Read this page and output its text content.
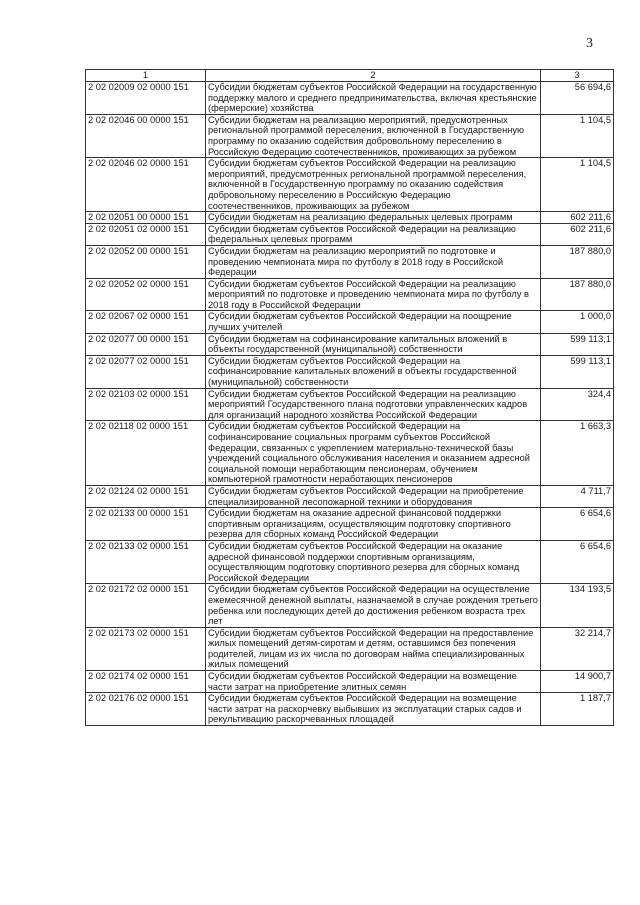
3
1	2	3
2 02 02009 02 0000 151	Субсидии бюджетам субъектов Российской Федерации на государственную поддержку малого и среднего предпринимательства, включая крестьянские (фермерские) хозяйства	56 694,6
2 02 02046 00 0000 151	Субсидии бюджетам на реализацию мероприятий, предусмотренных региональной программой переселения, включенной в Государственную программу по оказанию содействия добровольному переселению в Российскую Федерацию соотечественников, проживающих за рубежом	1 104,5
2 02 02046 02 0000 151	Субсидии бюджетам субъектов Российской Федерации на реализацию мероприятий, предусмотренных региональной программой переселения, включенной в Государственную программу по оказанию содействия добровольному переселению в Российскую Федерацию соотечественников, проживающих за рубежом	1 104,5
2 02 02051 00 0000 151	Субсидии бюджетам на реализацию федеральных целевых программ	602 211,6
2 02 02051 02 0000 151	Субсидии бюджетам субъектов Российской Федерации на реализацию федеральных целевых программ	602 211,6
2 02 02052 00 0000 151	Субсидии бюджетам на реализацию мероприятий по подготовке и проведению чемпионата мира по футболу в 2018 году в Российской Федерации	187 880,0
2 02 02052 02 0000 151	Субсидии бюджетам субъектов Российской Федерации на реализацию мероприятий по подготовке и проведению чемпионата мира по футболу в 2018 году в Российской Федерации	187 880,0
2 02 02067 02 0000 151	Субсидии бюджетам субъектов Российской Федерации на поощрение лучших учителей	1 000,0
2 02 02077 00 0000 151	Субсидии бюджетам на софинансирование капитальных вложений в объекты государственной (муниципальной) собственности	599 113,1
2 02 02077 02 0000 151	Субсидии бюджетам субъектов Российской Федерации на софинансирование капитальных вложений в объекты государственной (муниципальной) собственности	599 113,1
2 02 02103 02 0000 151	Субсидии бюджетам субъектов Российской Федерации на реализацию мероприятий Государственного плана подготовки управленческих кадров для организаций народного хозяйства Российской Федерации	324,4
2 02 02118 02 0000 151	Субсидии бюджетам субъектов Российской Федерации на софинансирование социальных программ субъектов Российской Федерации, связанных с укреплением материально-технической базы учреждений социального обслуживания населения и оказанием адресной социальной помощи неработающим пенсионерам, обучением компьютерной грамотности неработающих пенсионеров	1 663,3
2 02 02124 02 0000 151	Субсидии бюджетам субъектов Российской Федерации на приобретение специализированной лесопожарной техники и оборудования	4 711,7
2 02 02133 00 0000 151	Субсидии бюджетам на оказание адресной финансовой поддержки спортивным организациям, осуществляющим подготовку спортивного резерва для сборных команд Российской Федерации	6 654,6
2 02 02133 02 0000 151	Субсидии бюджетам субъектов Российской Федерации на оказание адресной финансовой поддержки спортивным организациям, осуществляющим подготовку спортивного резерва для сборных команд Российской Федерации	6 654,6
2 02 02172 02 0000 151	Субсидии бюджетам субъектов Российской Федерации на осуществление ежемесячной денежной выплаты, назначаемой в случае рождения третьего ребенка или последующих детей до достижения ребенком возраста трех лет	134 193,5
2 02 02173 02 0000 151	Субсидии бюджетам субъектов Российской Федерации на предоставление жилых помещений детям-сиротам и детям, оставшимся без попечения родителей, лицам из их числа по договорам найма специализированных жилых помещений	32 214,7
2 02 02174 02 0000 151	Субсидии бюджетам субъектов Российской Федерации на возмещение части затрат на приобретение элитных семян	14 900,7
2 02 02176 02 0000 151	Субсидии бюджетам субъектов Российской Федерации на возмещение части затрат на раскорчевку выбывших из эксплуатации старых садов и рекультивацию раскорчеванных площадей	1 187,7
